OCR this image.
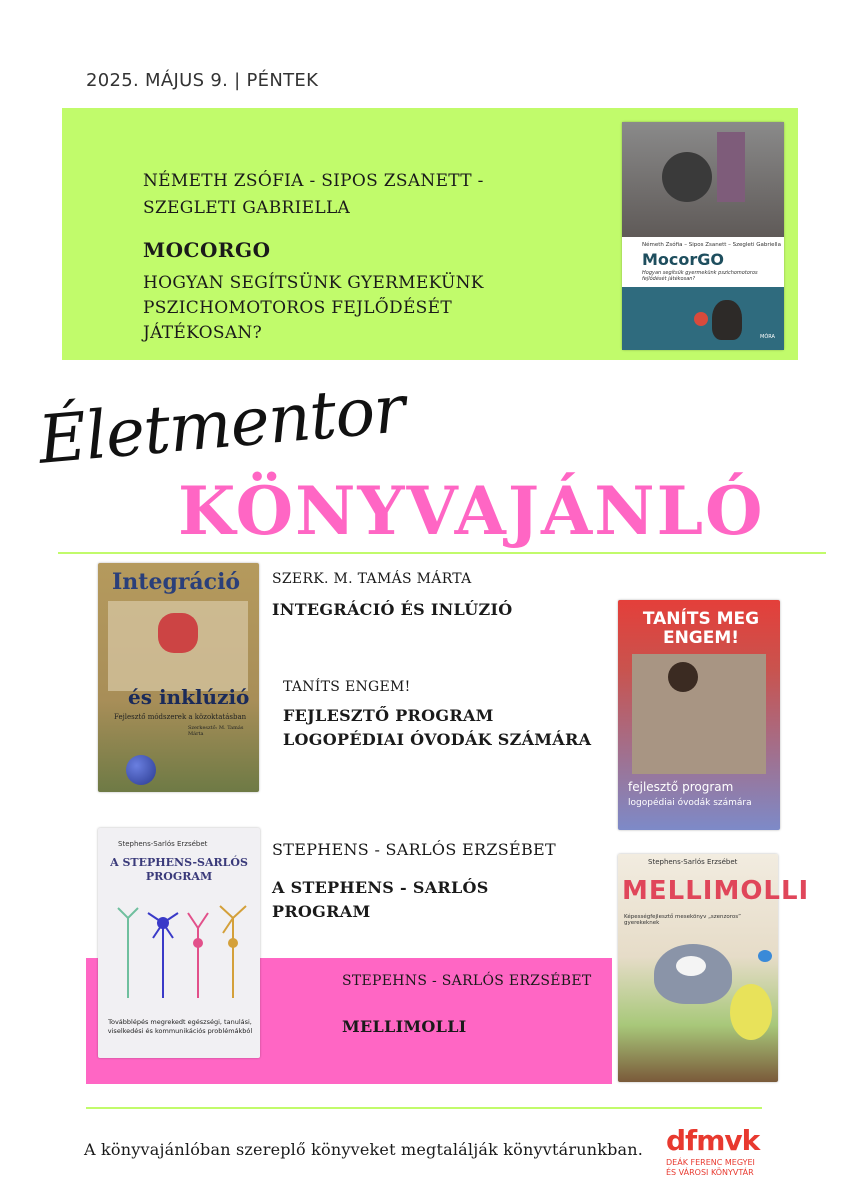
2025. MÁJUS 9. | PÉNTEK
NÉMETH ZSÓFIA - SIPOS ZSANETT - SZEGLETI GABRIELLA
MOCORGO
HOGYAN SEGÍTSÜNK GYERMEKÜNK PSZICHOMOTOROS FEJLŐDÉSÉT JÁTÉKOSAN?
Németh Zsófia – Sipos Zsanett – Szegleti Gabriella
MocorGO
Hogyan segítsük gyermekünk pszichomotoros fejlődését játékosan?
MÓRA
Életmentor
KÖNYVAJÁNLÓ
Integráció
és inklúzió
Fejlesztő módszerek a közoktatásban
Szerkesztő: M. Tamás Márta
SZERK. M. TAMÁS MÁRTA
INTEGRÁCIÓ ÉS INLÚZIÓ	TANÍTS MEG ENGEM!
fejlesztő program
logopédiai óvodák számára
TANÍTS ENGEM!
FEJLESZTŐ PROGRAM
LOGOPÉDIAI ÓVODÁK SZÁMÁRA
Stephens-Sarlós Erzsébet
A STEPHENS-SARLÓS PROGRAM
Továbblépés megrekedt egészségi, tanulási, viselkedési és kommunikációs problémákból
STEPHENS - SARLÓS ERZSÉBET
A STEPHENS - SARLÓS
PROGRAM
Stephens-Sarlós Erzsébet
MELLIMOLLI
Képességfejlesztő mesekönyv „szenzoros” gyerekeknek
STEPEHNS - SARLÓS ERZSÉBET
MELLIMOLLI
A könyvajánlóban szereplő könyveket megtalálják könyvtárunkban. dfmvk
DEÁK FERENC MEGYEI
ÉS VÁROSI KÖNYVTÁR
